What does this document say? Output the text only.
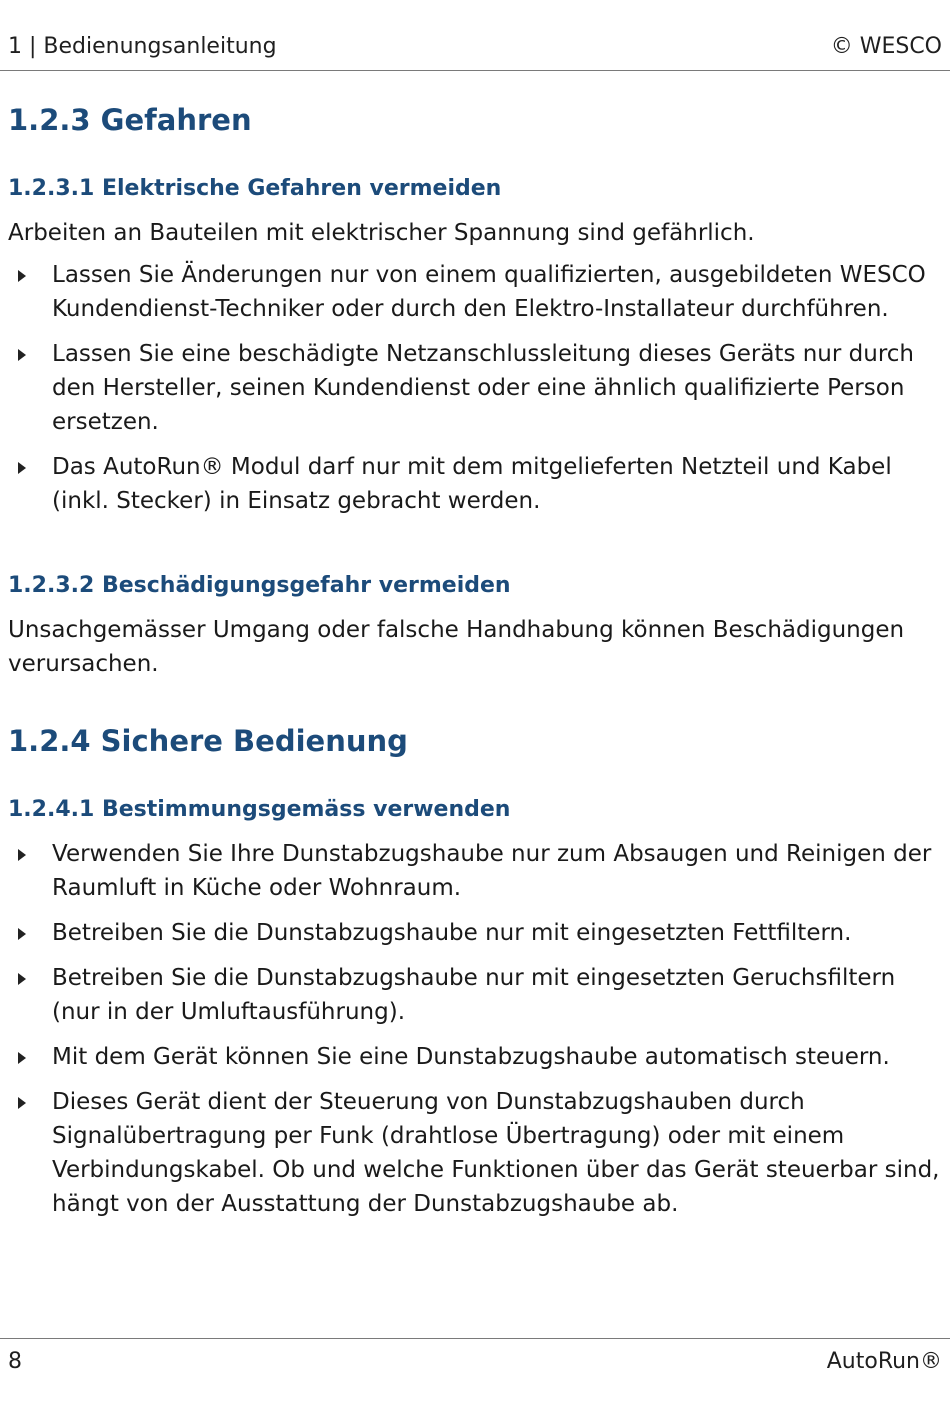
1 | Bedienungsanleitung	© WESCO
1.2.3 Gefahren
1.2.3.1 Elektrische Gefahren vermeiden

Arbeiten an Bauteilen mit elektrischer Spannung sind gefährlich.

Lassen Sie Änderungen nur von einem qualifizierten, ausgebildeten WESCO Kundendienst-Techniker oder durch den Elektro-Installateur durchführen.
Lassen Sie eine beschädigte Netzanschlussleitung dieses Geräts nur durch den Hersteller, seinen Kundendienst oder eine ähnlich qualifizierte Person ersetzen.
Das AutoRun® Modul darf nur mit dem mitgelieferten Netzteil und Kabel (inkl. Stecker) in Einsatz gebracht werden.
1.2.3.2 Beschädigungsgefahr vermeiden

Unsachgemässer Umgang oder falsche Handhabung können Beschädigungen verursachen.

1.2.4 Sichere Bedienung
1.2.4.1 Bestimmungsgemäss verwenden
Verwenden Sie Ihre Dunstabzugshaube nur zum Absaugen und Reinigen der Raumluft in Küche oder Wohnraum.
Betreiben Sie die Dunstabzugshaube nur mit eingesetzten Fettfiltern.
Betreiben Sie die Dunstabzugshaube nur mit eingesetzten Geruchsfiltern (nur in der Umluftausführung).
Mit dem Gerät können Sie eine Dunstabzugshaube automatisch steuern.
Dieses Gerät dient der Steuerung von Dunstabzugshauben durch Signalübertragung per Funk (drahtlose Übertragung) oder mit einem Verbindungskabel. Ob und welche Funktionen über das Gerät steuerbar sind, hängt von der Ausstattung der Dunstabzugshaube ab.
8	AutoRun®
